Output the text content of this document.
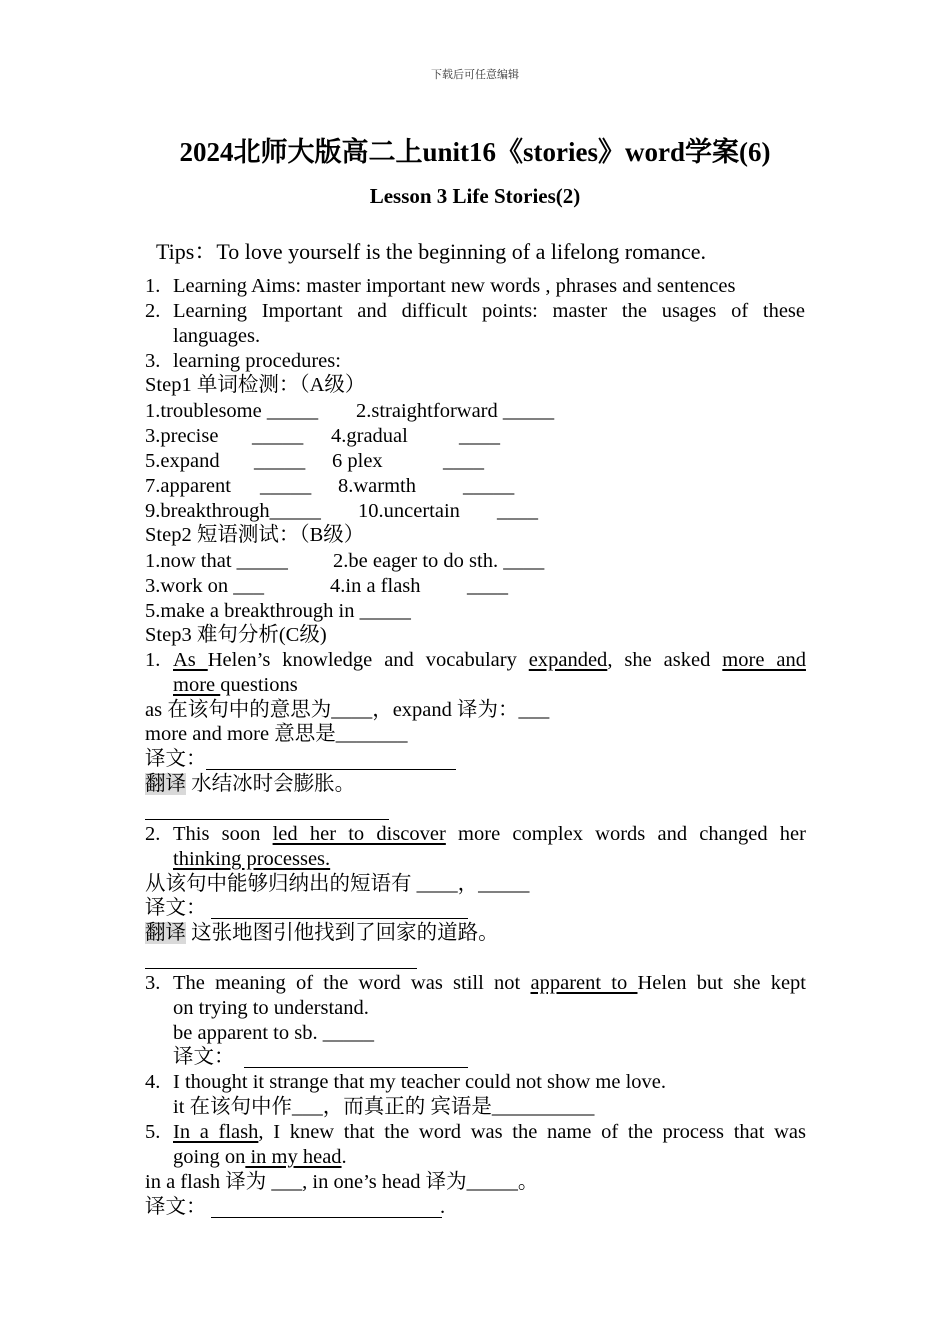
下载后可任意编辑
2024北师大版高二上unit16《stories》word学案(6)
Lesson 3 Life Stories(2)
Tips：To love yourself is the beginning of a lifelong romance.
1. Learning Aims: master important new words , phrases and sentences
2. Learning Important and difficult points: master the usages of these
languages.
3. learning procedures:
Step1 单词检测：（A级）
1.troublesome _____ 2.straightforward _____
3.precise _____ 4.gradual ____
5.expand _____ 6 plex	____
7.apparent _____ 8.warmth _____
9.breakthrough_____ 10.uncertain ____
Step2 短语测试：（B级）
1.now that _____ 2.be eager to do sth. ____
3.work on ___	4.in a flash ____
5.make a breakthrough in _____
Step3 难句分析(C级)
1. As Helen’s knowledge and vocabulary expanded, she asked more and
more questions
as 在该句中的意思为____，expand 译为：___
more and more 意思是_______
译文：
翻译 水结冰时会膨胀。
2. This soon led her to discover more complex words and changed her
thinking processes.
从该句中能够归纳出的短语有 ____，_____
译文：
翻译 这张地图引他找到了回家的道路。
3. The meaning of the word was still not apparent to Helen but she kept
on trying to understand.
be apparent to sb. _____
译文：
4. I thought it strange that my teacher could not show me love.
it 在该句中作___，而真正的 宾语是__________
5. In a flash, I knew that the word was the name of the process that was
going on in my head.
in a flash 译为 ___, in one’s head 译为_____。
译文：	.
